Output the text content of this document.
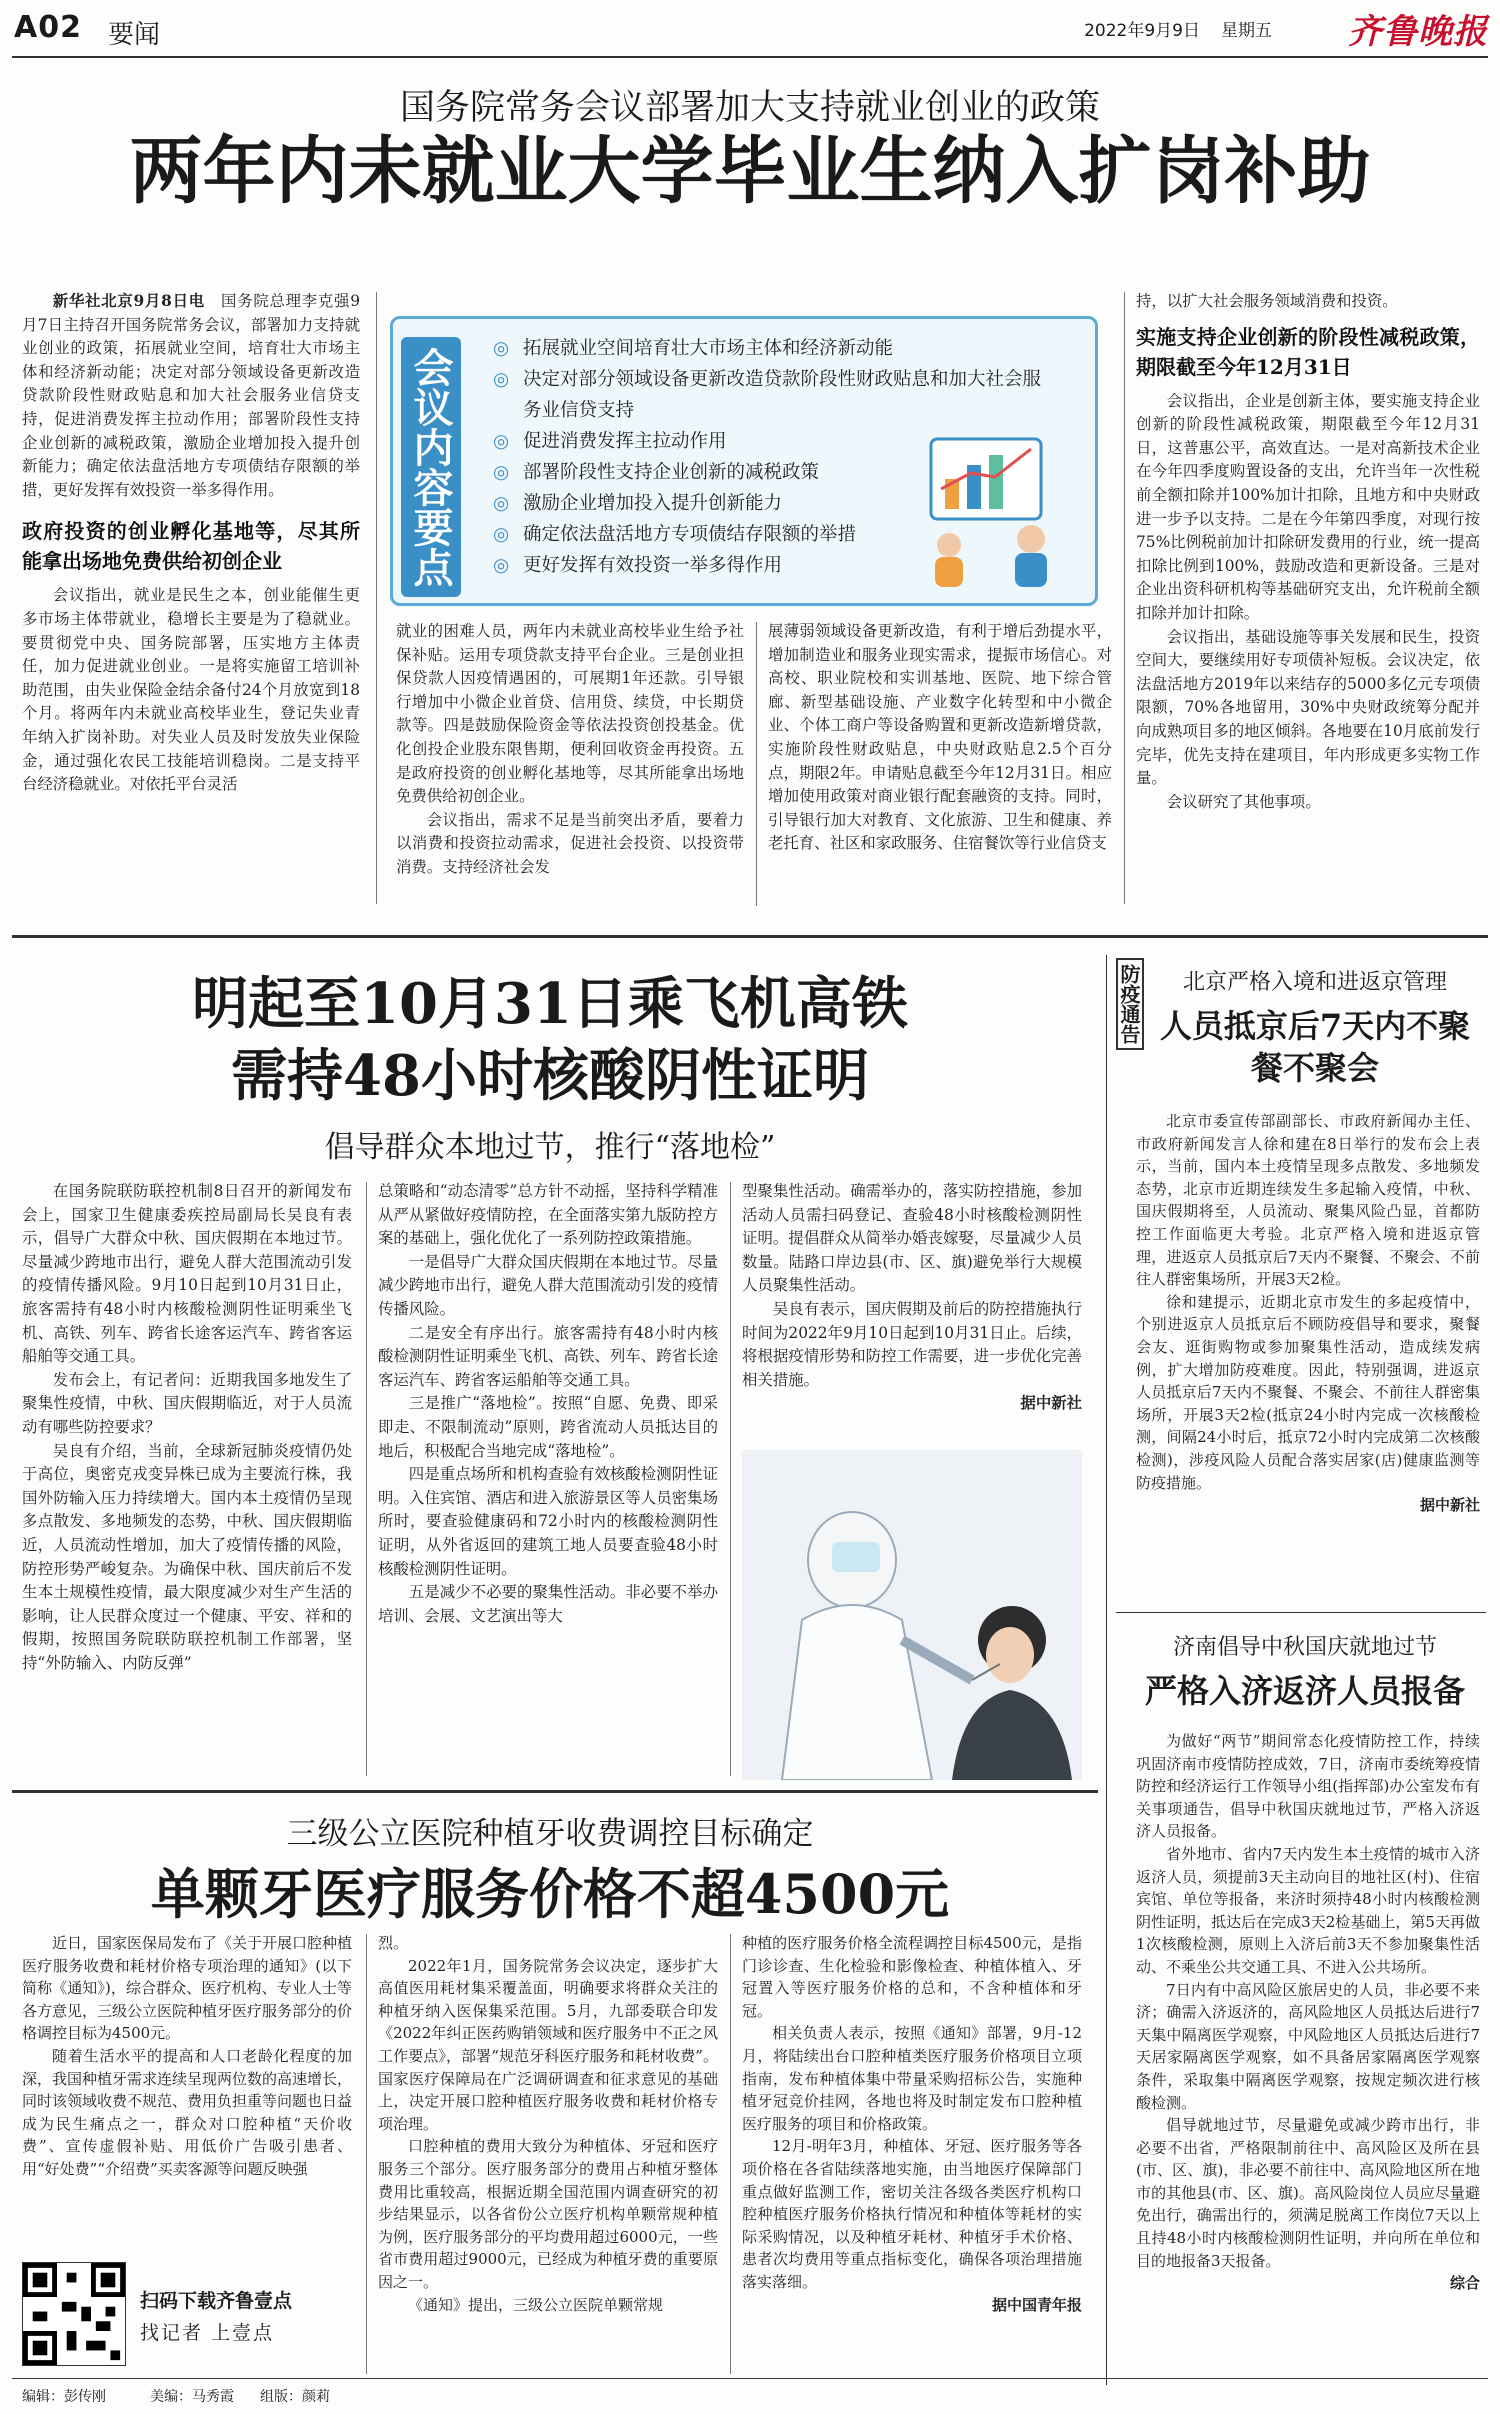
A02 要闻	2022年9月9日 星期五 齐鲁晚报
国务院常务会议部署加大支持就业创业的政策
两年内未就业大学毕业生纳入扩岗补助

新华社北京9月8日电　 国务院总理李克强9月7日主持召开国务院常务会议，部署加力支持就业创业的政策，拓展就业空间，培育壮大市场主体和经济新动能；决定对部分领域设备更新改造贷款阶段性财政贴息和加大社会服务业信贷支持，促进消费发挥主拉动作用；部署阶段性支持企业创新的减税政策，激励企业增加投入提升创新能力；确定依法盘活地方专项债结存限额的举措，更好发挥有效投资一举多得作用。

政府投资的创业孵化基地等，尽其所能拿出场地免费供给初创企业

会议指出，就业是民生之本，创业能催生更多市场主体带就业，稳增长主要是为了稳就业。要贯彻党中央、国务院部署，压实地方主体责任，加力促进就业创业。一是将实施留工培训补助范围，由失业保险金结余备付24个月放宽到18个月。将两年内未就业高校毕业生，登记失业青年纳入扩岗补助。对失业人员及时发放失业保险金，通过强化农民工技能培训稳岗。二是支持平台经济稳就业。对依托平台灵活

会议内容要点
◎	拓展就业空间培育壮大市场主体和经济新动能
◎ 决定对部分领域设备更新改造贷款阶段性财政贴息和加大社会服务业信贷支持
◎ 促进消费发挥主拉动作用
◎ 部署阶段性支持企业创新的减税政策
◎ 激励企业增加投入提升创新能力
◎ 确定依法盘活地方专项债结存限额的举措
◎ 更好发挥有效投资一举多得作用

就业的困难人员，两年内未就业高校毕业生给予社保补贴。运用专项贷款支持平台企业。三是创业担保贷款人因疫情遇困的，可展期1年还款。引导银行增加中小微企业首贷、信用贷、续贷，中长期贷款等。四是鼓励保险资金等依法投资创投基金。优化创投企业股东限售期，便利回收资金再投资。五是政府投资的创业孵化基地等，尽其所能拿出场地免费供给初创企业。

会议指出，需求不足是当前突出矛盾，要着力以消费和投资拉动需求，促进社会投资、以投资带消费。支持经济社会发

展薄弱领域设备更新改造，有利于增后劲提水平，增加制造业和服务业现实需求，提振市场信心。对高校、职业院校和实训基地、医院、地下综合管廊、新型基础设施、产业数字化转型和中小微企业、个体工商户等设备购置和更新改造新增贷款，实施阶段性财政贴息，中央财政贴息2.5个百分点，期限2年。申请贴息截至今年12月31日。相应增加使用政策对商业银行配套融资的支持。同时，引导银行加大对教育、文化旅游、卫生和健康、养老托育、社区和家政服务、住宿餐饮等行业信贷支

持，以扩大社会服务领域消费和投资。

实施支持企业创新的阶段性减税政策，期限截至今年12月31日

会议指出，企业是创新主体，要实施支持企业创新的阶段性减税政策，期限截至今年12月31日，这普惠公平，高效直达。一是对高新技术企业在今年四季度购置设备的支出，允许当年一次性税前全额扣除并100%加计扣除，且地方和中央财政进一步予以支持。二是在今年第四季度，对现行按75%比例税前加计扣除研发费用的行业，统一提高扣除比例到100%，鼓励改造和更新设备。三是对企业出资科研机构等基础研究支出，允许税前全额扣除并加计扣除。

会议指出，基础设施等事关发展和民生，投资空间大，要继续用好专项债补短板。会议决定，依法盘活地方2019年以来结存的5000多亿元专项债限额，70%各地留用，30%中央财政统筹分配并向成熟项目多的地区倾斜。各地要在10月底前发行完毕，优先支持在建项目，年内形成更多实物工作量。

会议研究了其他事项。

明起至10月31日乘飞机高铁
需持48小时核酸阴性证明
倡导群众本地过节，推行“落地检”

在国务院联防联控机制8日召开的新闻发布会上，国家卫生健康委疾控局副局长吴良有表示，倡导广大群众中秋、国庆假期在本地过节。尽量减少跨地市出行，避免人群大范围流动引发的疫情传播风险。9月10日起到10月31日止，旅客需持有48小时内核酸检测阴性证明乘坐飞机、高铁、列车、跨省长途客运汽车、跨省客运船舶等交通工具。

发布会上，有记者问：近期我国多地发生了聚集性疫情，中秋、国庆假期临近，对于人员流动有哪些防控要求？

吴良有介绍，当前，全球新冠肺炎疫情仍处于高位，奥密克戎变异株已成为主要流行株，我国外防输入压力持续增大。国内本土疫情仍呈现多点散发、多地频发的态势，中秋、国庆假期临近，人员流动性增加，加大了疫情传播的风险，防控形势严峻复杂。为确保中秋、国庆前后不发生本土规模性疫情，最大限度减少对生产生活的影响，让人民群众度过一个健康、平安、祥和的假期，按照国务院联防联控机制工作部署，坚持“外防输入、内防反弹”

总策略和“动态清零”总方针不动摇，坚持科学精准从严从紧做好疫情防控，在全面落实第九版防控方案的基础上，强化优化了一系列防控政策措施。

一是倡导广大群众国庆假期在本地过节。尽量减少跨地市出行，避免人群大范围流动引发的疫情传播风险。

二是安全有序出行。旅客需持有48小时内核酸检测阴性证明乘坐飞机、高铁、列车、跨省长途客运汽车、跨省客运船舶等交通工具。

三是推广“落地检”。按照“自愿、免费、即采即走、不限制流动”原则，跨省流动人员抵达目的地后，积极配合当地完成“落地检”。

四是重点场所和机构查验有效核酸检测阴性证明。入住宾馆、酒店和进入旅游景区等人员密集场所时，要查验健康码和72小时内的核酸检测阴性证明，从外省返回的建筑工地人员要查验48小时核酸检测阴性证明。

五是减少不必要的聚集性活动。非必要不举办培训、会展、文艺演出等大

型聚集性活动。确需举办的，落实防控措施，参加活动人员需扫码登记、查验48小时核酸检测阴性证明。提倡群众从简举办婚丧嫁娶，尽量减少人员数量。陆路口岸边县(市、区、旗)避免举行大规模人员聚集性活动。

吴良有表示，国庆假期及前后的防控措施执行时间为2022年9月10日起到10月31日止。后续，将根据疫情形势和防控工作需要，进一步优化完善相关措施。

据中新社
防疫通告	北京严格入境和进返京管理
人员抵京后7天内不聚餐不聚会

北京市委宣传部副部长、市政府新闻办主任、市政府新闻发言人徐和建在8日举行的发布会上表示，当前，国内本土疫情呈现多点散发、多地频发态势，北京市近期连续发生多起输入疫情，中秋、国庆假期将至，人员流动、聚集风险凸显，首都防控工作面临更大考验。北京严格入境和进返京管理，进返京人员抵京后7天内不聚餐、不聚会、不前往人群密集场所，开展3天2检。

徐和建提示，近期北京市发生的多起疫情中，个别进返京人员抵京后不顾防疫倡导和要求，聚餐会友、逛街购物或参加聚集性活动，造成续发病例，扩大增加防疫难度。因此，特别强调，进返京人员抵京后7天内不聚餐、不聚会、不前往人群密集场所，开展3天2检(抵京24小时内完成一次核酸检测，间隔24小时后，抵京72小时内完成第二次核酸检测)，涉疫风险人员配合落实居家(店)健康监测等防疫措施。

据中新社
济南倡导中秋国庆就地过节
严格入济返济人员报备

为做好“两节”期间常态化疫情防控工作，持续巩固济南市疫情防控成效，7日，济南市委统筹疫情防控和经济运行工作领导小组(指挥部)办公室发布有关事项通告，倡导中秋国庆就地过节，严格入济返济人员报备。

省外地市、省内7天内发生本土疫情的城市入济返济人员，须提前3天主动向目的地社区(村)、住宿宾馆、单位等报备，来济时须持48小时内核酸检测阴性证明，抵达后在完成3天2检基础上，第5天再做1次核酸检测，原则上入济后前3天不参加聚集性活动、不乘坐公共交通工具、不进入公共场所。

7日内有中高风险区旅居史的人员，非必要不来济；确需入济返济的，高风险地区人员抵达后进行7天集中隔离医学观察，中风险地区人员抵达后进行7天居家隔离医学观察，如不具备居家隔离医学观察条件，采取集中隔离医学观察，按规定频次进行核酸检测。

倡导就地过节，尽量避免或减少跨市出行，非必要不出省，严格限制前往中、高风险区及所在县(市、区、旗)，非必要不前往中、高风险地区所在地市的其他县(市、区、旗)。高风险岗位人员应尽量避免出行，确需出行的，须满足脱离工作岗位7天以上且持48小时内核酸检测阴性证明，并向所在单位和目的地报备3天报备。

综合
三级公立医院种植牙收费调控目标确定
单颗牙医疗服务价格不超4500元

近日，国家医保局发布了《关于开展口腔种植医疗服务收费和耗材价格专项治理的通知》(以下简称《通知》)，综合群众、医疗机构、专业人士等各方意见，三级公立医院种植牙医疗服务部分的价格调控目标为4500元。

随着生活水平的提高和人口老龄化程度的加深，我国种植牙需求连续呈现两位数的高速增长，同时该领域收费不规范、费用负担重等问题也日益成为民生痛点之一，群众对口腔种植“天价收费”、宣传虚假补贴、用低价广告吸引患者、用“好处费”“介绍费”买卖客源等问题反映强

烈。

2022年1月，国务院常务会议决定，逐步扩大高值医用耗材集采覆盖面，明确要求将群众关注的种植牙纳入医保集采范围。5月，九部委联合印发《2022年纠正医药购销领域和医疗服务中不正之风工作要点》，部署“规范牙科医疗服务和耗材收费”。国家医疗保障局在广泛调研调查和征求意见的基础上，决定开展口腔种植医疗服务收费和耗材价格专项治理。

口腔种植的费用大致分为种植体、牙冠和医疗服务三个部分。医疗服务部分的费用占种植牙整体费用比重较高，根据近期全国范围内调查研究的初步结果显示，以各省份公立医疗机构单颗常规种植为例，医疗服务部分的平均费用超过6000元，一些省市费用超过9000元，已经成为种植牙费的重要原因之一。

《通知》提出，三级公立医院单颗常规

种植的医疗服务价格全流程调控目标4500元，是指门诊诊查、生化检验和影像检查、种植体植入、牙冠置入等医疗服务价格的总和，不含种植体和牙冠。

相关负责人表示，按照《通知》部署，9月-12月，将陆续出台口腔种植类医疗服务价格项目立项指南，发布种植体集中带量采购招标公告，实施种植牙冠竞价挂网，各地也将及时制定发布口腔种植医疗服务的项目和价格政策。

12月-明年3月，种植体、牙冠、医疗服务等各项价格在各省陆续落地实施，由当地医疗保障部门重点做好监测工作，密切关注各级各类医疗机构口腔种植医疗服务价格执行情况和种植体等耗材的实际采购情况，以及种植牙耗材、种植牙手术价格、患者次均费用等重点指标变化，确保各项治理措施落实落细。

据中国青年报
扫码下载齐鲁壹点
找记者 上壹点
编辑：彭传刚	美编：马秀霞 组版：颜莉
